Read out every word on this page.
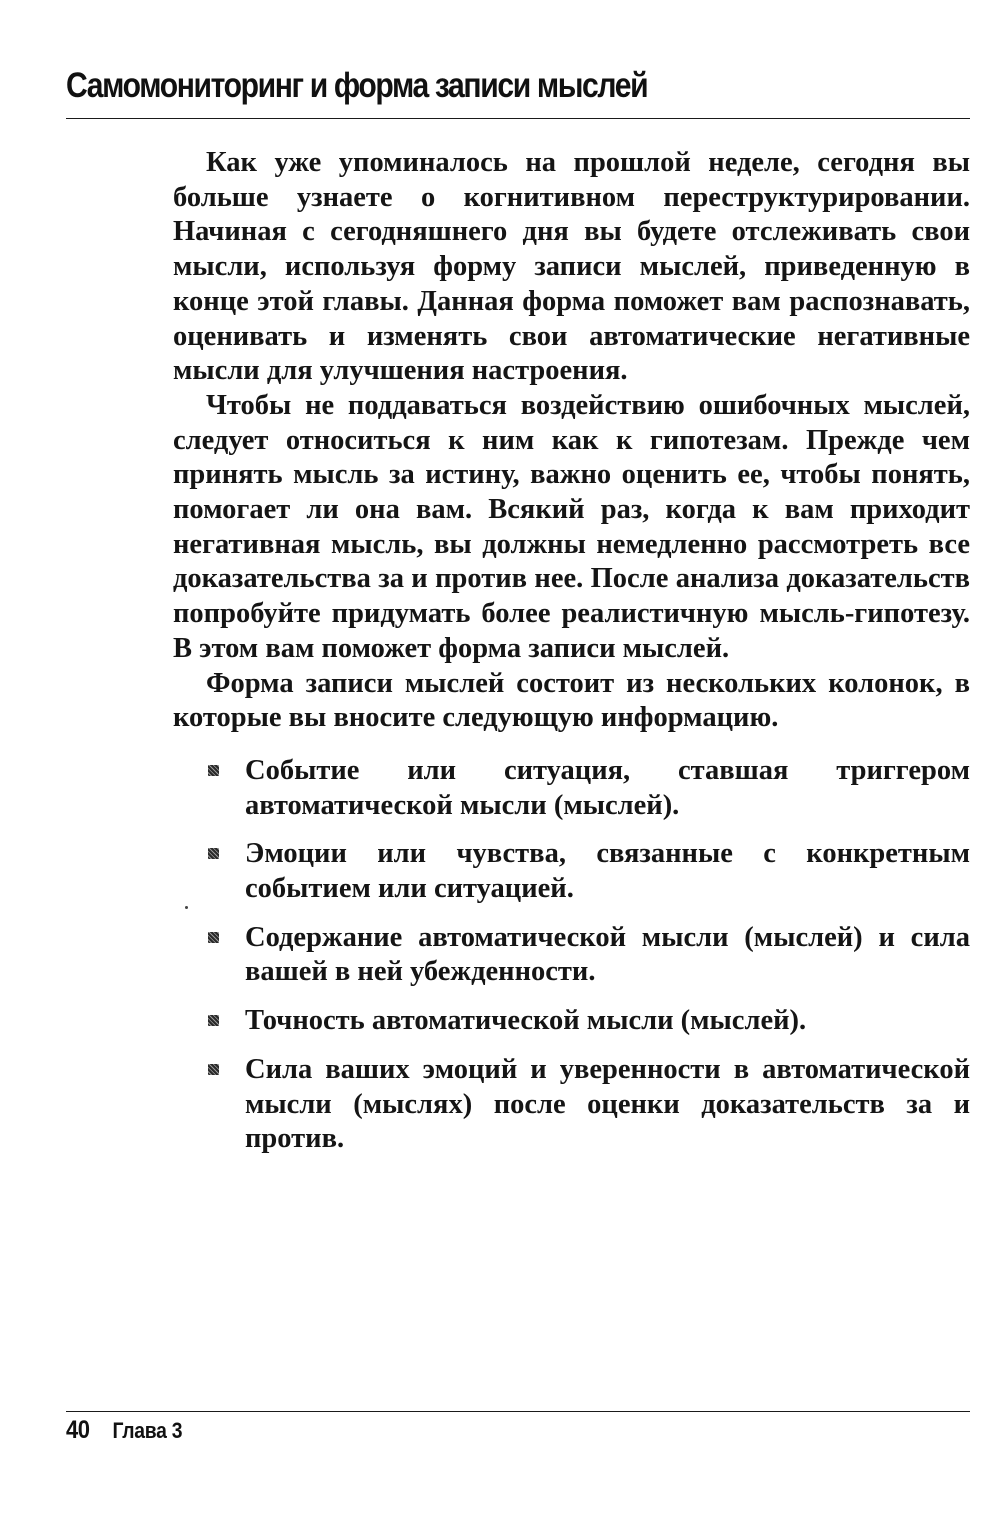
Самомониторинг и форма записи мыслей

Как уже упоминалось на прошлой неделе, сегодня вы больше узнаете о когнитивном переструктурировании. Начиная с сегодняшнего дня вы будете отслеживать свои мысли, используя форму записи мыслей, приведенную в конце этой главы. Данная форма поможет вам распознавать, оценивать и изменять свои автоматические негативные мысли для улучшения настроения.

Чтобы не поддаваться воздействию ошибочных мыслей, следует относиться к ним как к гипотезам. Прежде чем принять мысль за истину, важно оценить ее, чтобы понять, помогает ли она вам. Всякий раз, когда к вам приходит негативная мысль, вы должны немедленно рассмотреть все доказательства за и против нее. После анализа доказательств попробуйте придумать более реалистичную мысль-гипотезу. В этом вам поможет форма записи мыслей.

Форма записи мыслей состоит из нескольких колонок, в которые вы вносите следующую информацию.

Событие или ситуация, ставшая триггером автоматической мысли (мыслей).
Эмоции или чувства, связанные с конкретным событием или ситуацией.
Содержание автоматической мысли (мыслей) и сила вашей в ней убежденности.
Точность автоматической мысли (мыслей).
Сила ваших эмоций и уверенности в автоматической мысли (мыслях) после оценки доказательств за и против.
40 Глава 3
